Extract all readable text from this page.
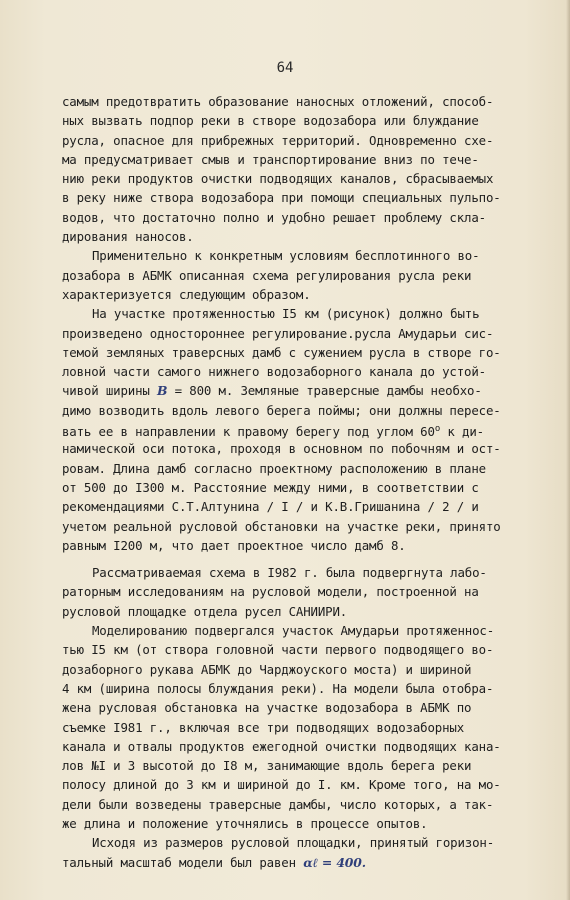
64
самым предотвратить образование наносных отложений, способ-
ных вызвать подпор реки в створе водозабора или блуждание
русла, опасное для прибрежных территорий. Одновременно схе-
ма предусматривает смыв и транспортирование вниз по тече-
нию реки продуктов очистки подводящих каналов, сбрасываемых
в реку ниже створа водозабора при помощи специальных пульпо-
водов, что достаточно полно и удобно решает проблему скла-
дирования наносов.
Применительно к конкретным условиям бесплотинного во-
дозабора в АБМК описанная схема регулирования русла реки
характеризуется следующим образом.
На участке протяженностью I5 км (рисунок) должно быть
произведено одностороннее регулирование.русла Амударьи сис-
темой земляных траверсных дамб с сужением русла в створе го-
ловной части самого нижнего водозаборного канала до устой-
чивой ширины В = 800 м. Земляные траверсные дамбы необхо-
димо возводить вдоль левого берега поймы; они должны пересе-
вать ее в направлении к правому берегу под углом $60^о$ к ди-
намической оси потока, проходя в основном по побочням и ост-
ровам. Длина дамб согласно проектному расположению в плане
от 500 до I300 м. Расстояние между ними, в соответствии с
рекомендациями С.Т.Алтунина / I / и К.В.Гришанина / 2 / и
учетом реальной русловой обстановки на участке реки, принято
равным I200 м, что дает проектное число дамб 8.
Рассматриваемая схема в I982 г. была подвергнута лабо-
раторным исследованиям на русловой модели, построенной на
русловой площадке отдела русел САНИИРИ.
Моделированию подвергался участок Амударьи протяженнос-
тью I5 км (от створа головной части первого подводящего во-
дозаборного рукава АБМК до Чарджоуского моста) и шириной
4 км (ширина полосы блуждания реки). На модели была отобра-
жена русловая обстановка на участке водозабора в АБМК по
съемке I981 г., включая все три подводящих водозаборных
канала и отвалы продуктов ежегодной очистки подводящих кана-
лов №I и 3 высотой до I8 м, занимающие вдоль берега реки
полосу длиной до 3 км и шириной до I. км. Кроме того, на мо-
дели были возведены траверсные дамбы, число которых, а так-
же длина и положение уточнялись в процессе опытов.
Исходя из размеров русловой площадки, принятый горизон-
тальный масштаб модели был равен αℓ = 400.
